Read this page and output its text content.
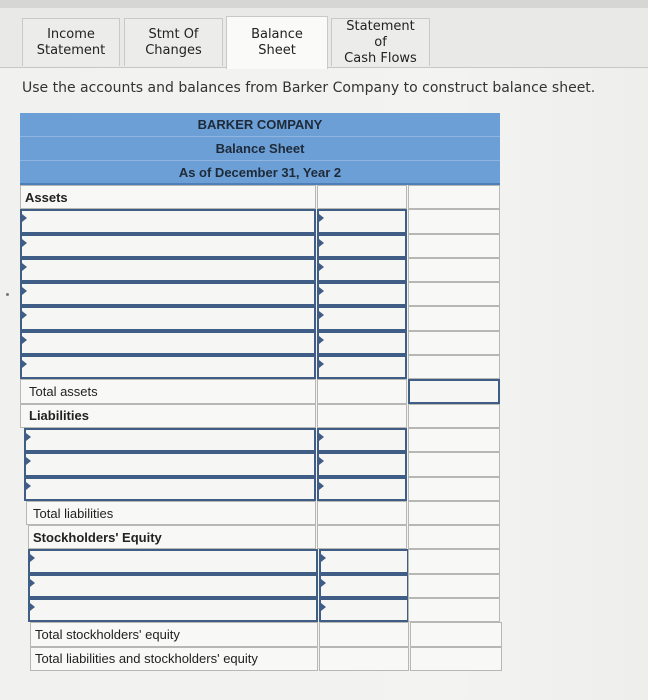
Income
Statement
Stmt Of
Changes
Balance Sheet
Statement of
Cash Flows
Use the accounts and balances from Barker Company to construct balance sheet.
BARKER COMPANY
Balance Sheet
As of December 31, Year 2
Assets
Total assets
Liabilities
Total liabilities
Stockholders' Equity
Total stockholders' equity
Total liabilities and stockholders' equity
